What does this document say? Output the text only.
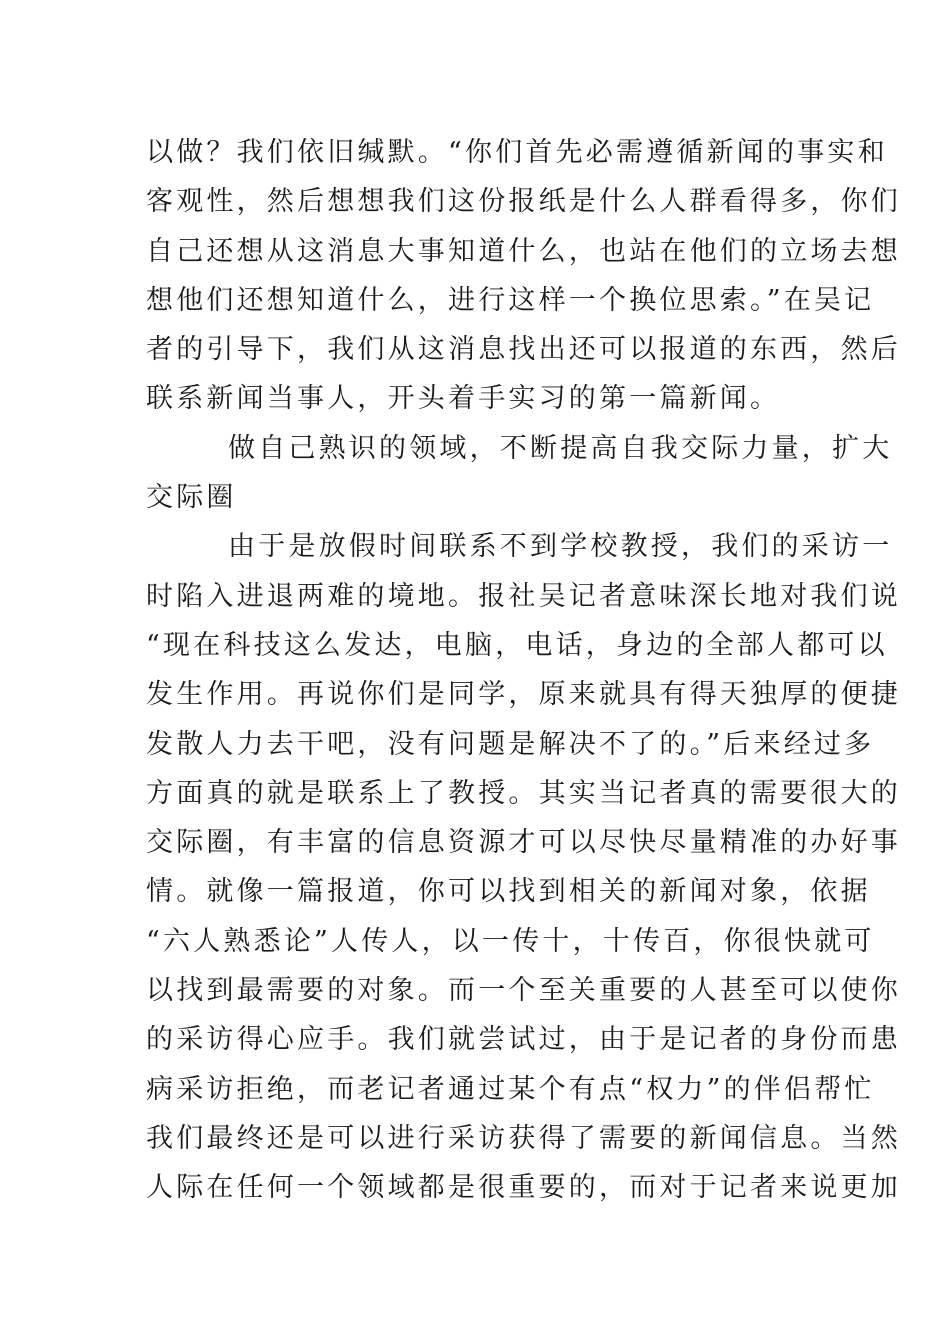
以做？我们依旧缄默。“你们首先必需遵循新闻的事实和
客观性，然后想想我们这份报纸是什么人群看得多，你们
自己还想从这消息大事知道什么，也站在他们的立场去想
想他们还想知道什么，进行这样一个换位思索。”在吴记
者的引导下，我们从这消息找出还可以报道的东西，然后
联系新闻当事人，开头着手实习的第一篇新闻。
做自己熟识的领域，不断提高自我交际力量，扩大
交际圈
由于是放假时间联系不到学校教授，我们的采访一
时陷入进退两难的境地。报社吴记者意味深长地对我们说
“现在科技这么发达，电脑，电话，身边的全部人都可以
发生作用。再说你们是同学，原来就具有得天独厚的便捷
发散人力去干吧，没有问题是解决不了的。”后来经过多
方面真的就是联系上了教授。其实当记者真的需要很大的
交际圈，有丰富的信息资源才可以尽快尽量精准的办好事
情。就像一篇报道，你可以找到相关的新闻对象，依据
“六人熟悉论”人传人，以一传十，十传百，你很快就可
以找到最需要的对象。而一个至关重要的人甚至可以使你
的采访得心应手。我们就尝试过，由于是记者的身份而患
病采访拒绝，而老记者通过某个有点“权力”的伴侣帮忙
我们最终还是可以进行采访获得了需要的新闻信息。当然
人际在任何一个领域都是很重要的，而对于记者来说更加
